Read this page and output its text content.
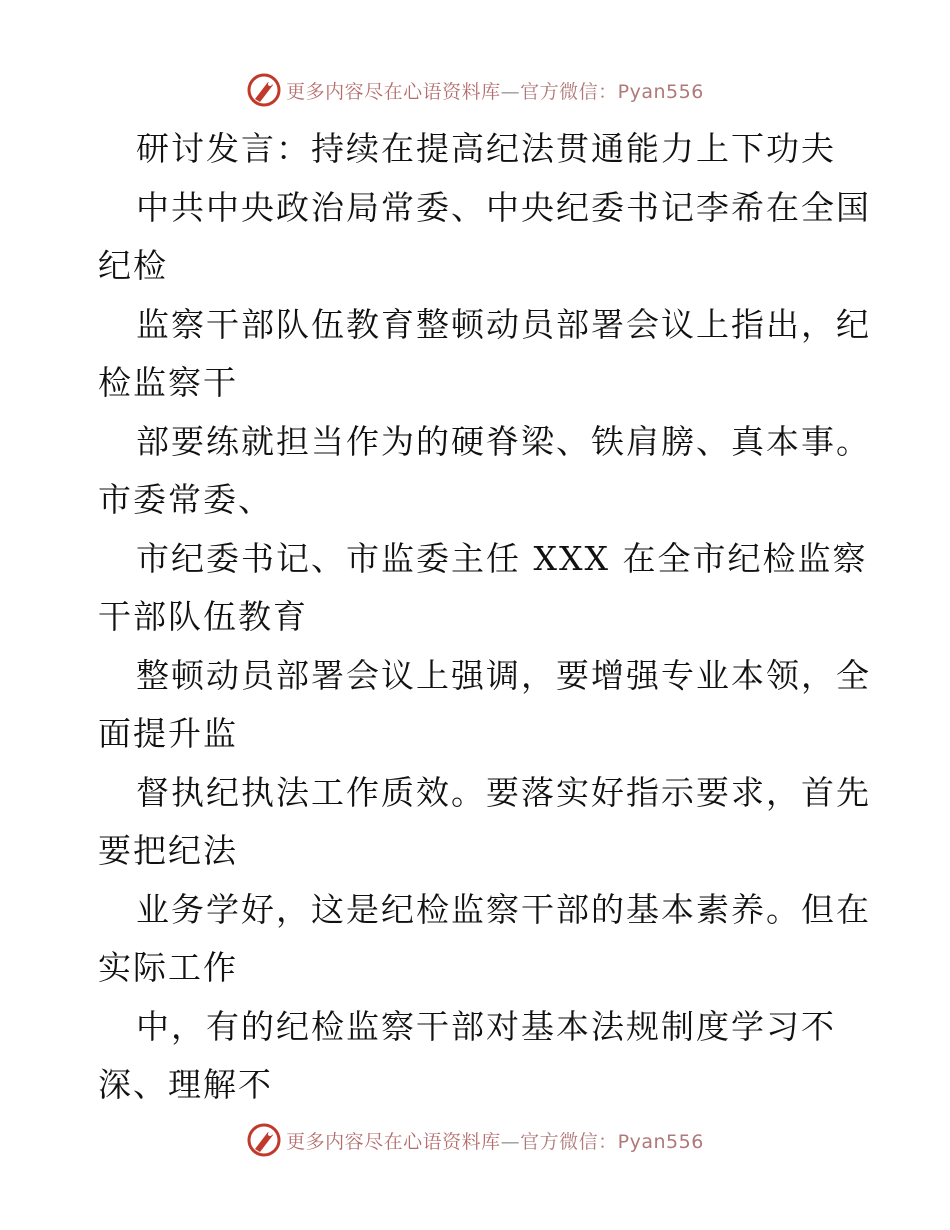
更多内容尽在心语资料库—官方微信：Pyan556
研讨发言：持续在提高纪法贯通能力上下功夫
中共中央政治局常委、中央纪委书记李希在全国
纪检
监察干部队伍教育整顿动员部署会议上指出，纪
检监察干
部要练就担当作为的硬脊梁、铁肩膀、真本事。
市委常委、
市纪委书记、市监委主任 XXX 在全市纪检监察
干部队伍教育
整顿动员部署会议上强调，要增强专业本领，全
面提升监
督执纪执法工作质效。要落实好指示要求，首先
要把纪法
业务学好，这是纪检监察干部的基本素养。但在
实际工作
中，有的纪检监察干部对基本法规制度学习不
深、理解不
更多内容尽在心语资料库—官方微信：Pyan556
